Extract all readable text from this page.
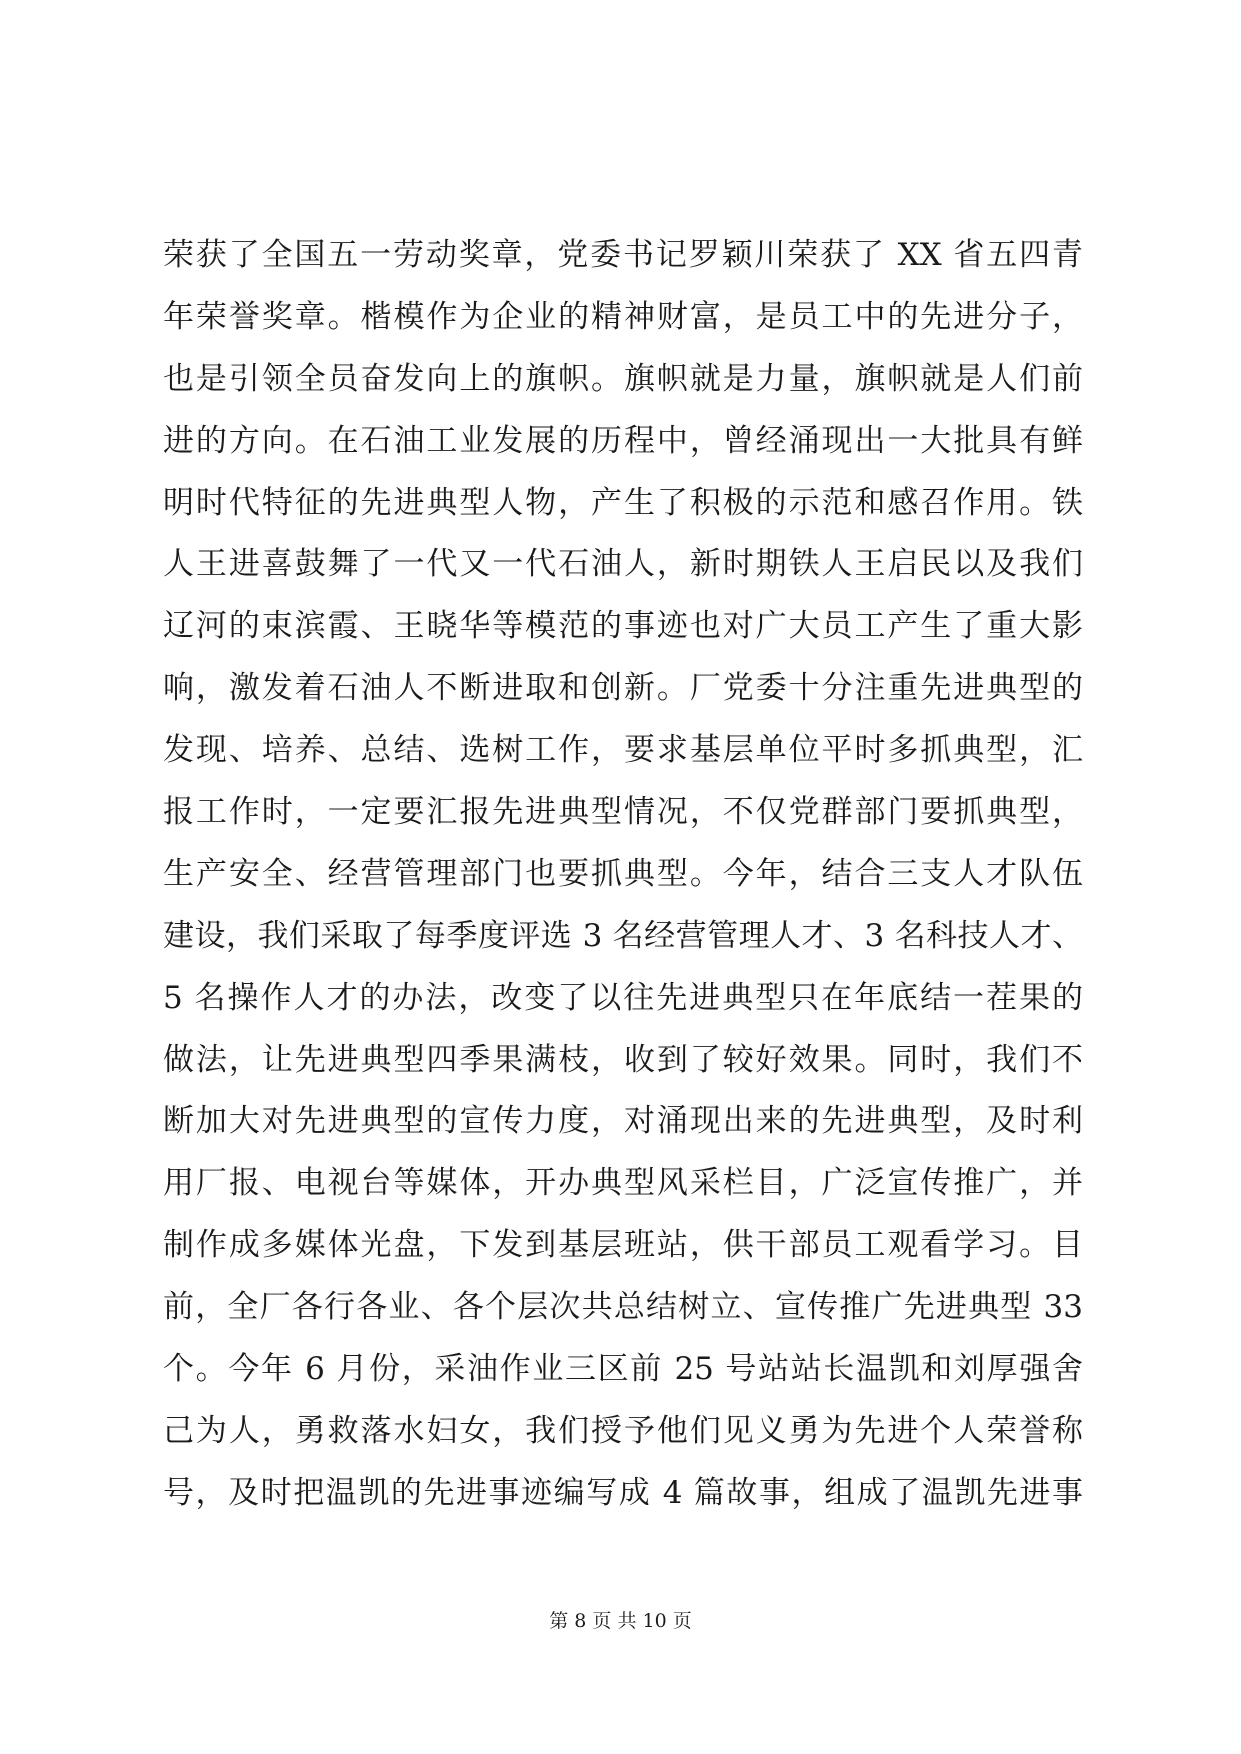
荣获了全国五一劳动奖章，党委书记罗颖川荣获了 XX 省五四青
年荣誉奖章。楷模作为企业的精神财富，是员工中的先进分子，
也是引领全员奋发向上的旗帜。旗帜就是力量，旗帜就是人们前
进的方向。在石油工业发展的历程中，曾经涌现出一大批具有鲜
明时代特征的先进典型人物，产生了积极的示范和感召作用。铁
人王进喜鼓舞了一代又一代石油人，新时期铁人王启民以及我们
辽河的束滨霞、王晓华等模范的事迹也对广大员工产生了重大影
响，激发着石油人不断进取和创新。厂党委十分注重先进典型的
发现、培养、总结、选树工作，要求基层单位平时多抓典型，汇
报工作时，一定要汇报先进典型情况，不仅党群部门要抓典型，
生产安全、经营管理部门也要抓典型。今年，结合三支人才队伍
建设，我们采取了每季度评选 3 名经营管理人才、3 名科技人才、
5 名操作人才的办法，改变了以往先进典型只在年底结一茬果的
做法，让先进典型四季果满枝，收到了较好效果。同时，我们不
断加大对先进典型的宣传力度，对涌现出来的先进典型，及时利
用厂报、电视台等媒体，开办典型风采栏目，广泛宣传推广，并
制作成多媒体光盘，下发到基层班站，供干部员工观看学习。目
前，全厂各行各业、各个层次共总结树立、宣传推广先进典型 33
个。今年 6 月份，采油作业三区前 25 号站站长温凯和刘厚强舍
己为人，勇救落水妇女，我们授予他们见义勇为先进个人荣誉称
号，及时把温凯的先进事迹编写成 4 篇故事，组成了温凯先进事
第 8 页 共 10 页
